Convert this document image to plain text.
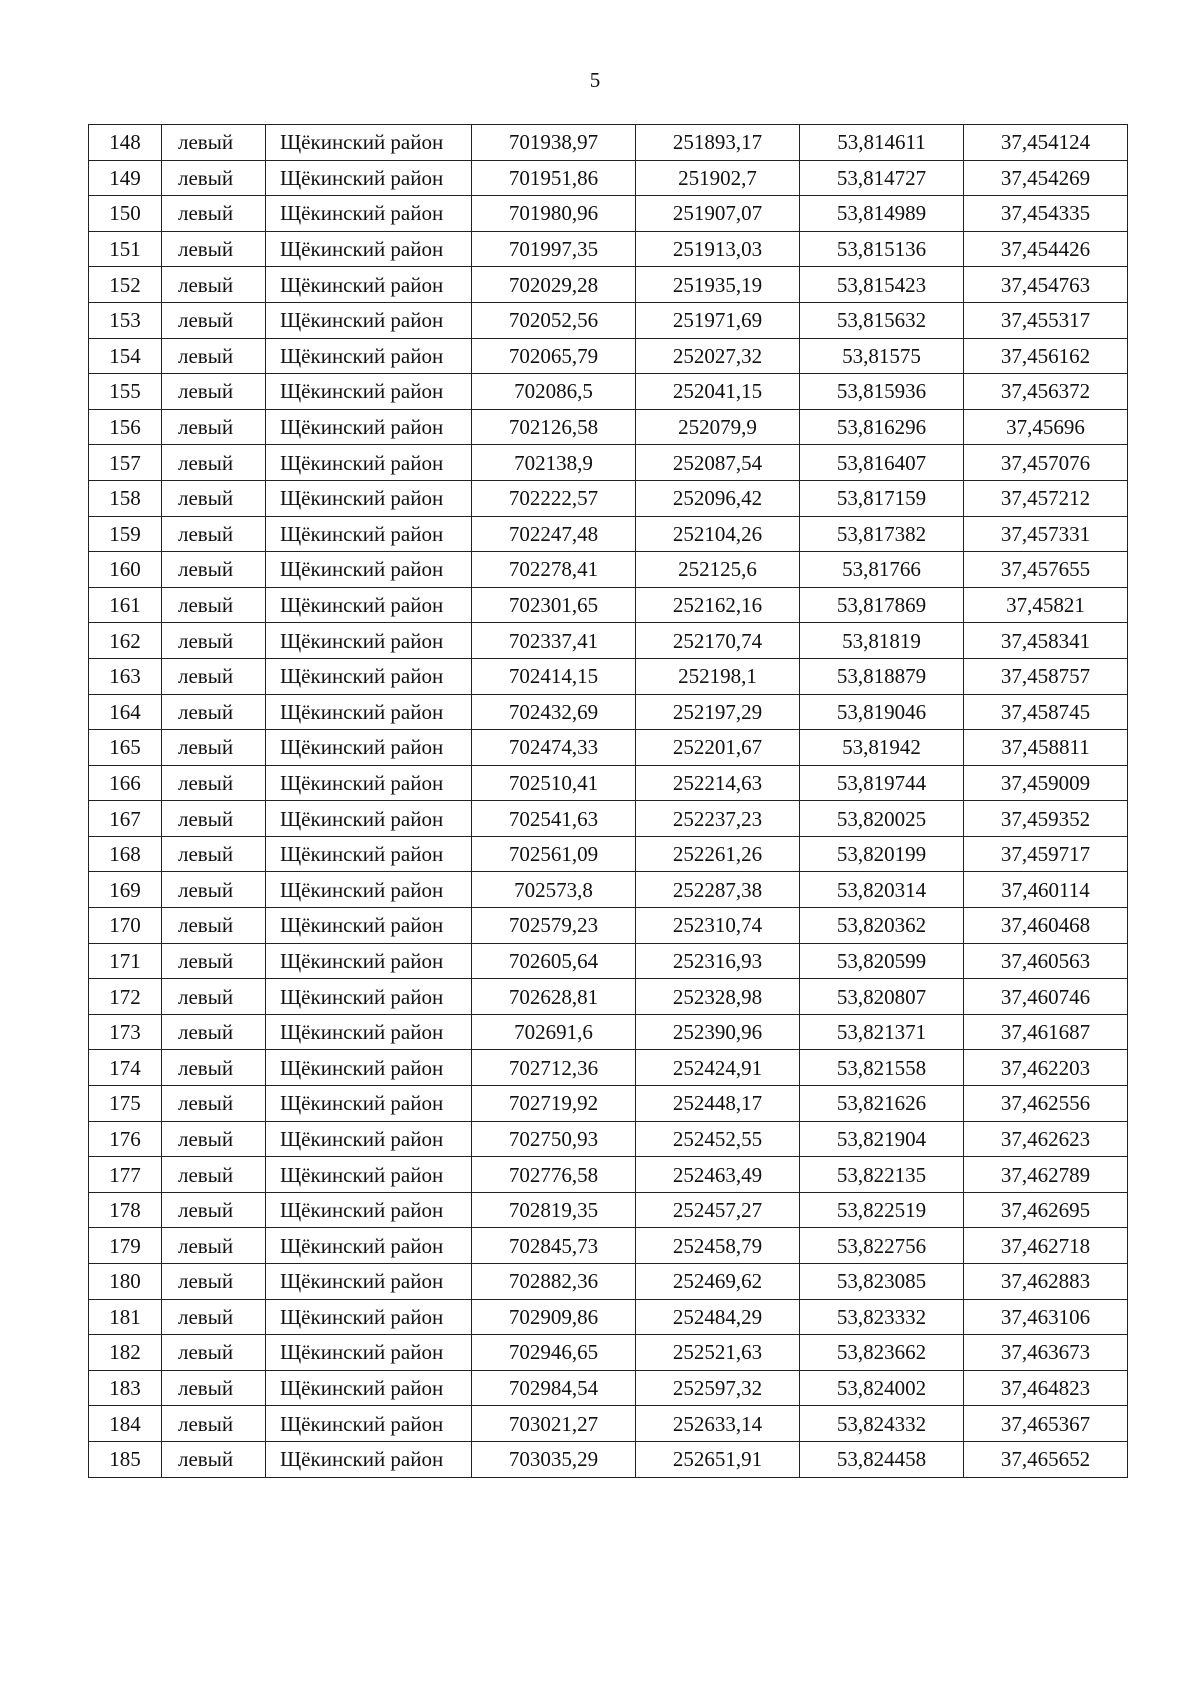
5
148	левый	Щёкинский район	701938,97	251893,17	53,814611	37,454124
149	левый	Щёкинский район	701951,86	251902,7	53,814727	37,454269
150	левый	Щёкинский район	701980,96	251907,07	53,814989	37,454335
151	левый	Щёкинский район	701997,35	251913,03	53,815136	37,454426
152	левый	Щёкинский район	702029,28	251935,19	53,815423	37,454763
153	левый	Щёкинский район	702052,56	251971,69	53,815632	37,455317
154	левый	Щёкинский район	702065,79	252027,32	53,81575	37,456162
155	левый	Щёкинский район	702086,5	252041,15	53,815936	37,456372
156	левый	Щёкинский район	702126,58	252079,9	53,816296	37,45696
157	левый	Щёкинский район	702138,9	252087,54	53,816407	37,457076
158	левый	Щёкинский район	702222,57	252096,42	53,817159	37,457212
159	левый	Щёкинский район	702247,48	252104,26	53,817382	37,457331
160	левый	Щёкинский район	702278,41	252125,6	53,81766	37,457655
161	левый	Щёкинский район	702301,65	252162,16	53,817869	37,45821
162	левый	Щёкинский район	702337,41	252170,74	53,81819	37,458341
163	левый	Щёкинский район	702414,15	252198,1	53,818879	37,458757
164	левый	Щёкинский район	702432,69	252197,29	53,819046	37,458745
165	левый	Щёкинский район	702474,33	252201,67	53,81942	37,458811
166	левый	Щёкинский район	702510,41	252214,63	53,819744	37,459009
167	левый	Щёкинский район	702541,63	252237,23	53,820025	37,459352
168	левый	Щёкинский район	702561,09	252261,26	53,820199	37,459717
169	левый	Щёкинский район	702573,8	252287,38	53,820314	37,460114
170	левый	Щёкинский район	702579,23	252310,74	53,820362	37,460468
171	левый	Щёкинский район	702605,64	252316,93	53,820599	37,460563
172	левый	Щёкинский район	702628,81	252328,98	53,820807	37,460746
173	левый	Щёкинский район	702691,6	252390,96	53,821371	37,461687
174	левый	Щёкинский район	702712,36	252424,91	53,821558	37,462203
175	левый	Щёкинский район	702719,92	252448,17	53,821626	37,462556
176	левый	Щёкинский район	702750,93	252452,55	53,821904	37,462623
177	левый	Щёкинский район	702776,58	252463,49	53,822135	37,462789
178	левый	Щёкинский район	702819,35	252457,27	53,822519	37,462695
179	левый	Щёкинский район	702845,73	252458,79	53,822756	37,462718
180	левый	Щёкинский район	702882,36	252469,62	53,823085	37,462883
181	левый	Щёкинский район	702909,86	252484,29	53,823332	37,463106
182	левый	Щёкинский район	702946,65	252521,63	53,823662	37,463673
183	левый	Щёкинский район	702984,54	252597,32	53,824002	37,464823
184	левый	Щёкинский район	703021,27	252633,14	53,824332	37,465367
185	левый	Щёкинский район	703035,29	252651,91	53,824458	37,465652
